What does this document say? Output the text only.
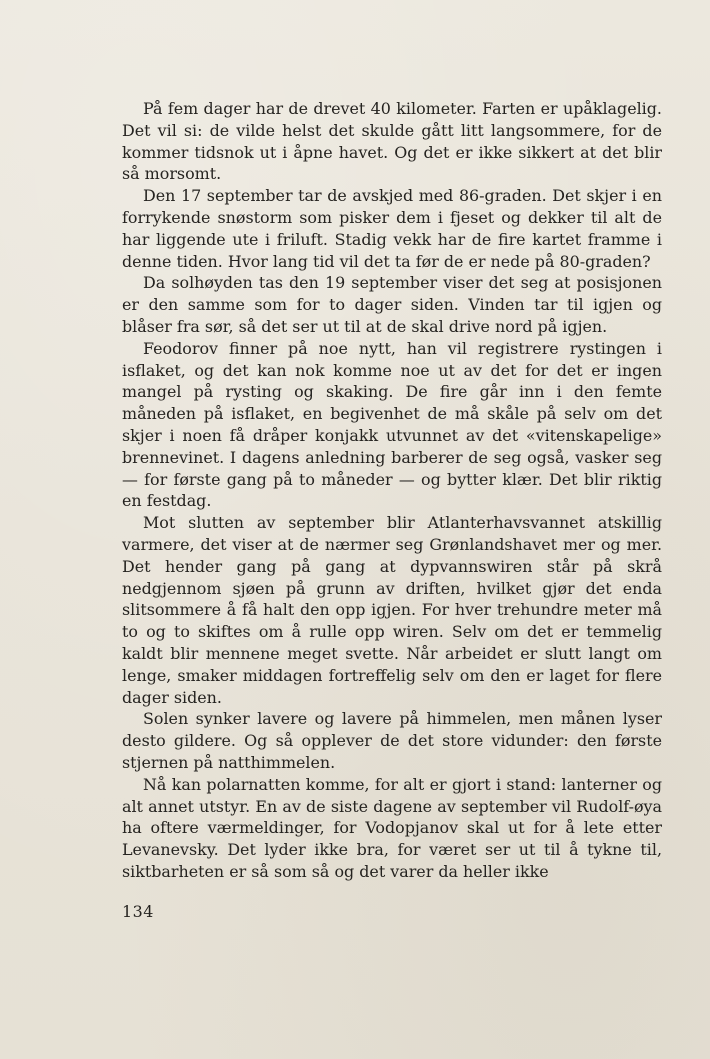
På fem dager har de drevet 40 kilometer. Farten er upåklagelig. Det vil si: de vilde helst det skulde gått litt langsommere, for de kommer tidsnok ut i åpne havet. Og det er ikke sikkert at det blir så morsomt.

Den 17 september tar de avskjed med 86-graden. Det skjer i en forrykende snøstorm som pisker dem i fjeset og dekker til alt de har liggende ute i friluft. Stadig vekk har de fire kartet framme i denne tiden. Hvor lang tid vil det ta før de er nede på 80-graden?

Da solhøyden tas den 19 september viser det seg at posisjonen er den samme som for to dager siden. Vinden tar til igjen og blåser fra sør, så det ser ut til at de skal drive nord på igjen.

Feodorov finner på noe nytt, han vil registrere rystingen i isflaket, og det kan nok komme noe ut av det for det er ingen mangel på rysting og skaking. De fire går inn i den femte måneden på isflaket, en begivenhet de må skåle på selv om det skjer i noen få dråper konjakk utvunnet av det «vitenskapelige» brennevinet. I dagens anledning barberer de seg også, vasker seg — for første gang på to måneder — og bytter klær. Det blir riktig en festdag.

Mot slutten av september blir Atlanterhavsvannet atskillig varmere, det viser at de nærmer seg Grønlandshavet mer og mer. Det hender gang på gang at dypvannswiren står på skrå nedgjennom sjøen på grunn av driften, hvilket gjør det enda slitsommere å få halt den opp igjen. For hver trehundre meter må to og to skiftes om å rulle opp wiren. Selv om det er temmelig kaldt blir mennene meget svette. Når arbeidet er slutt langt om lenge, smaker middagen fortreffelig selv om den er laget for flere dager siden.

Solen synker lavere og lavere på himmelen, men månen lyser desto gildere. Og så opplever de det store vidunder: den første stjernen på natthimmelen.

Nå kan polarnatten komme, for alt er gjort i stand: lanterner og alt annet utstyr. En av de siste dagene av september vil Rudolf-øya ha oftere værmeldinger, for Vodopjanov skal ut for å lete etter Levanevsky. Det lyder ikke bra, for været ser ut til å tykne til, siktbarheten er så som så og det varer da heller ikke

134
